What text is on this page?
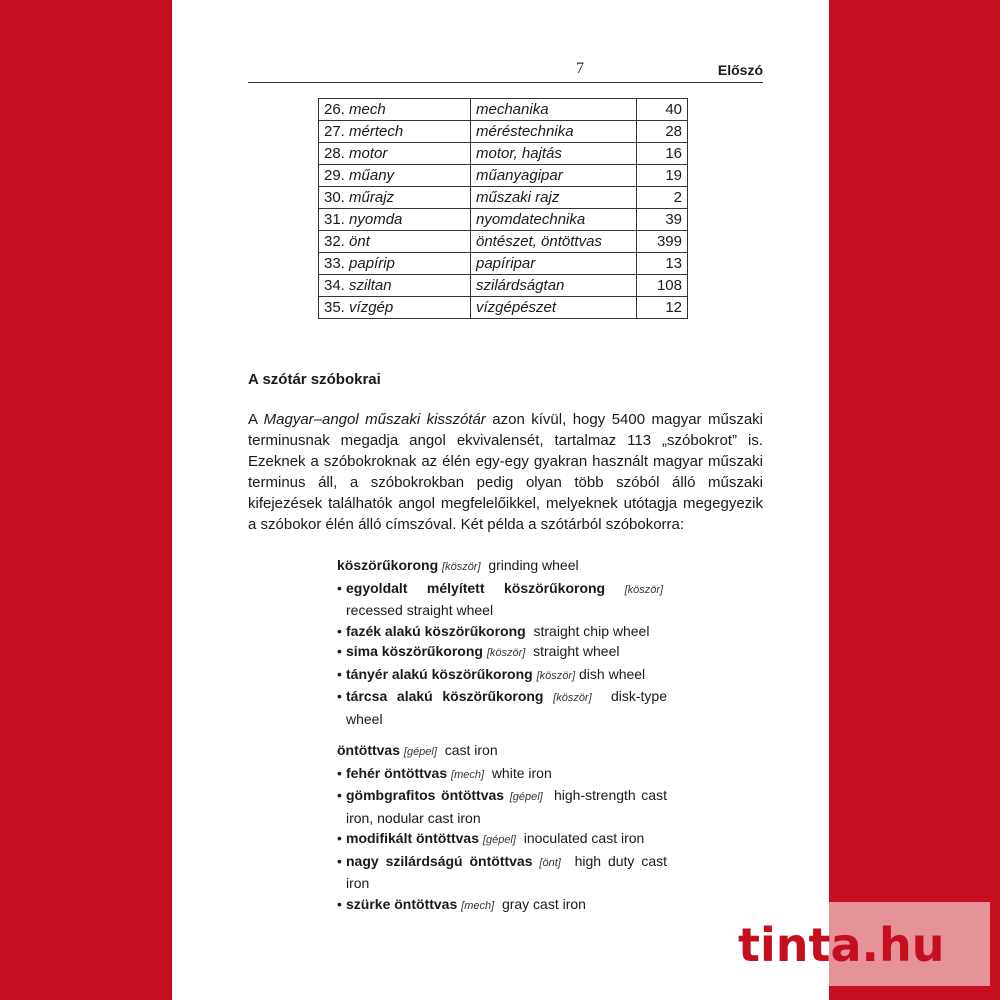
7	Előszó
26. mech	mechanika	40
27. mértech	méréstechnika	28
28. motor	motor, hajtás	16
29. műany	műanyagipar	19
30. műrajz	műszaki rajz	2
31. nyomda	nyomdatechnika	39
32. önt	öntészet, öntöttvas	399
33. papírip	papíripar	13
34. sziltan	szilárdságtan	108
35. vízgép	vízgépészet	12
A szótár szóbokrai

A Magyar–angol műszaki kisszótár azon kívül, hogy 5400 magyar műszaki terminusnak megadja angol ekvivalensét, tartalmaz 113 „szóbokrot” is. Ezeknek a szóbokroknak az élén egy-egy gyakran használt magyar műszaki terminus áll, a szóbokrokban pedig olyan több szóból álló műszaki kifejezések találhatók angol megfelelőikkel, melyeknek utótagja megegyezik a szóbokor élén álló címszóval. Két példa a szótárból szóbokorra:

köszörűkorong [köször] grinding wheel
• egyoldalt mélyített köszörűkorong [köször]  recessed straight wheel
• fazék alakú köszörűkorong straight chip wheel
• sima köszörűkorong [köször] straight wheel
• tányér alakú köszörűkorong [köször] dish wheel
• tárcsa alakú köszörűkorong [köször] disk-type wheel
öntöttvas [gépel] cast iron
• fehér öntöttvas [mech] white iron
• gömbgrafitos öntöttvas [gépel] high-strength cast iron, nodular cast iron
• modifikált öntöttvas [gépel] inoculated cast iron
• nagy szilárdságú öntöttvas [önt] high duty cast iron
• szürke öntöttvas [mech] gray cast iron
tinta.hu
